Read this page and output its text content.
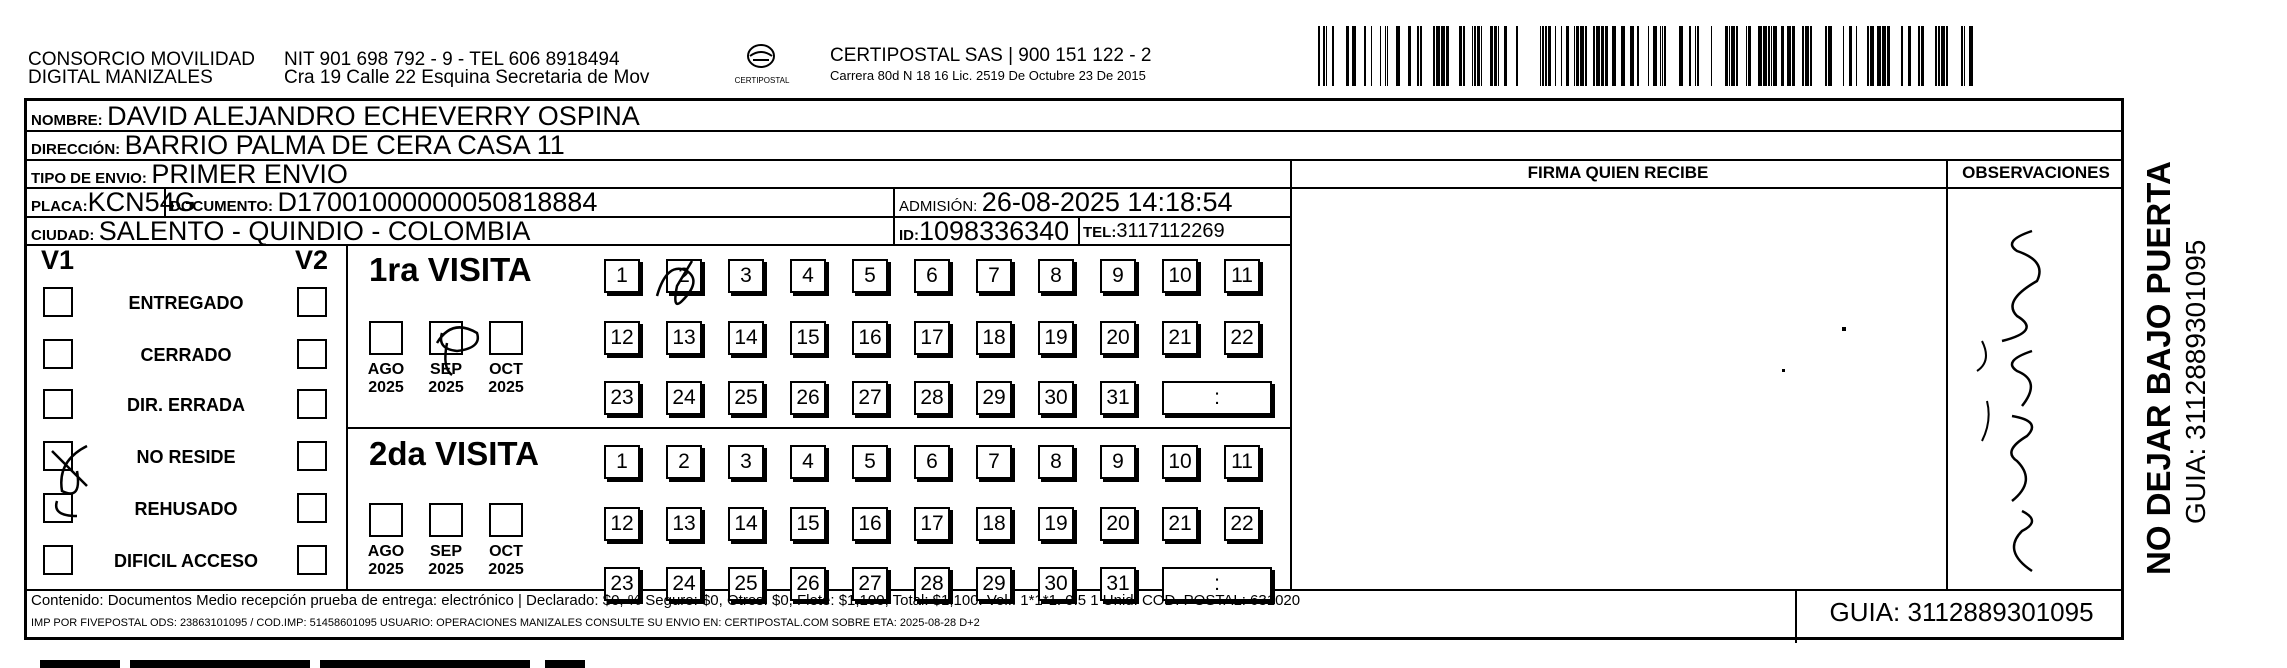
CONSORCIO MOVILIDAD
DIGITAL MANIZALES
NIT 901 698 792 - 9 - TEL 606 8918494
Cra 19 Calle 22 Esquina Secretaria de Mov	CERTIPOSTAL
CERTIPOSTAL SAS | 900 151 122 - 2
Carrera 80d N 18 16 Lic. 2519 De Octubre 23 De 2015
NOMBRE: DAVID ALEJANDRO ECHEVERRY OSPINA
DIRECCIÓN: BARRIO PALMA DE CERA CASA 11
TIPO DE ENVIO: PRIMER ENVIO	FIRMA QUIEN RECIBE	OBSERVACIONES
PLACA:KCN54G
DOCUMENTO: D17001000000050818884	ADMISIÓN: 26-08-2025 14:18:54
CIUDAD: SALENTO - QUINDIO - COLOMBIA	ID:1098336340 TEL:3117112269
V1	V2
ENTREGADO
CERRADO
DIR. ERRADA
NO RESIDE
REHUSADO
DIFICIL ACCESO
1ra VISITA
AGO
2025
SEP
2025
OCT
2025
2da VISITA
AGO
2025
SEP
2025
OCT
2025
1	2	3	4	5	6	7	8	9	10	11
12	13	14	15	16	17	18	19	20	21	22
23	24	25	26	27	28	29	30	31	:
1	2	3	4	5	6	7	8	9	10	11
12	13	14	15	16	17	18	19	20	21	22
23	24	25	26	27	28	29	30	31	:
Contenido: Documentos Medio recepción prueba de entrega: electrónico | Declarado: $0, % Seguro: $0, Otros: $0, Flete: $1,100, Total: $1,100. Vol.: 1*1*1. 0.5 1 Unid. COD. POSTAL: 631020
IMP POR FIVEPOSTAL ODS: 23863101095 / COD.IMP: 51458601095 USUARIO: OPERACIONES MANIZALES CONSULTE SU ENVIO EN: CERTIPOSTAL.COM SOBRE ETA: 2025-08-28 D+2	GUIA: 3112889301095
NO DEJAR BAJO PUERTA GUIA: 3112889301095
